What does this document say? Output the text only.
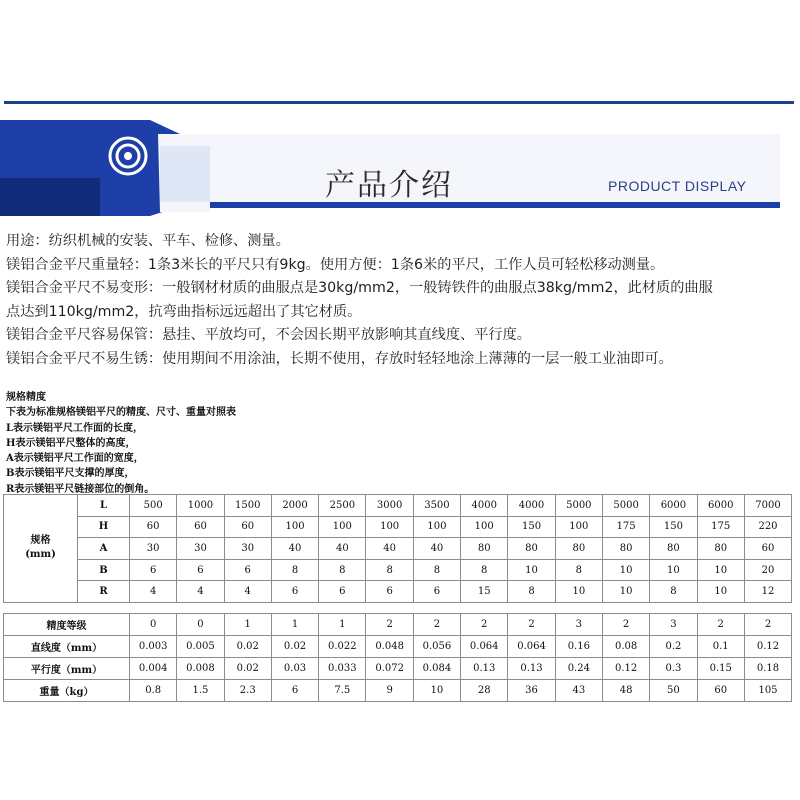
产品介绍	PRODUCT DISPLAY

用途：纺织机械的安装、平车、检修、测量。

镁铝合金平尺重量轻：1条3米长的平尺只有9kg。使用方便：1条6米的平尺，工作人员可轻松移动测量。

镁铝合金平尺不易变形：一般钢材材质的曲服点是30kg/mm2，一般铸铁件的曲服点38kg/mm2，此材质的曲服

点达到110kg/mm2，抗弯曲指标远远超出了其它材质。

镁铝合金平尺容易保管：悬挂、平放均可，不会因长期平放影响其直线度、平行度。

镁铝合金平尺不易生锈：使用期间不用涂油，长期不使用，存放时轻轻地涂上薄薄的一层一般工业油即可。

规格精度

下表为标准规格镁铝平尺的精度、尺寸、重量对照表

L表示镁铝平尺工作面的长度，

H表示镁铝平尺整体的高度，

A表示镁铝平尺工作面的宽度，

B表示镁铝平尺支撑的厚度，

R表示镁铝平尺链接部位的倒角。

规格
(mm)	L	500	1000	1500	2000	2500	3000	3500	4000	4000	5000	5000	6000	6000	7000
	H	60	60	60	100	100	100	100	100	150	100	175	150	175	220
	A	30	30	30	40	40	40	40	80	80	80	80	80	80	60
	B	6	6	6	8	8	8	8	8	10	8	10	10	10	20
	R	4	4	4	6	6	6	6	15	8	10	10	8	10	12

精度等级		0	0	1	1	1	2	2	2	2	3	2	3	2	2
直线度（mm）		0.003	0.005	0.02	0.02	0.022	0.048	0.056	0.064	0.064	0.16	0.08	0.2	0.1	0.12
平行度（mm）		0.004	0.008	0.02	0.03	0.033	0.072	0.084	0.13	0.13	0.24	0.12	0.3	0.15	0.18
重量（kg）		0.8	1.5	2.3	6	7.5	9	10	28	36	43	48	50	60	105
